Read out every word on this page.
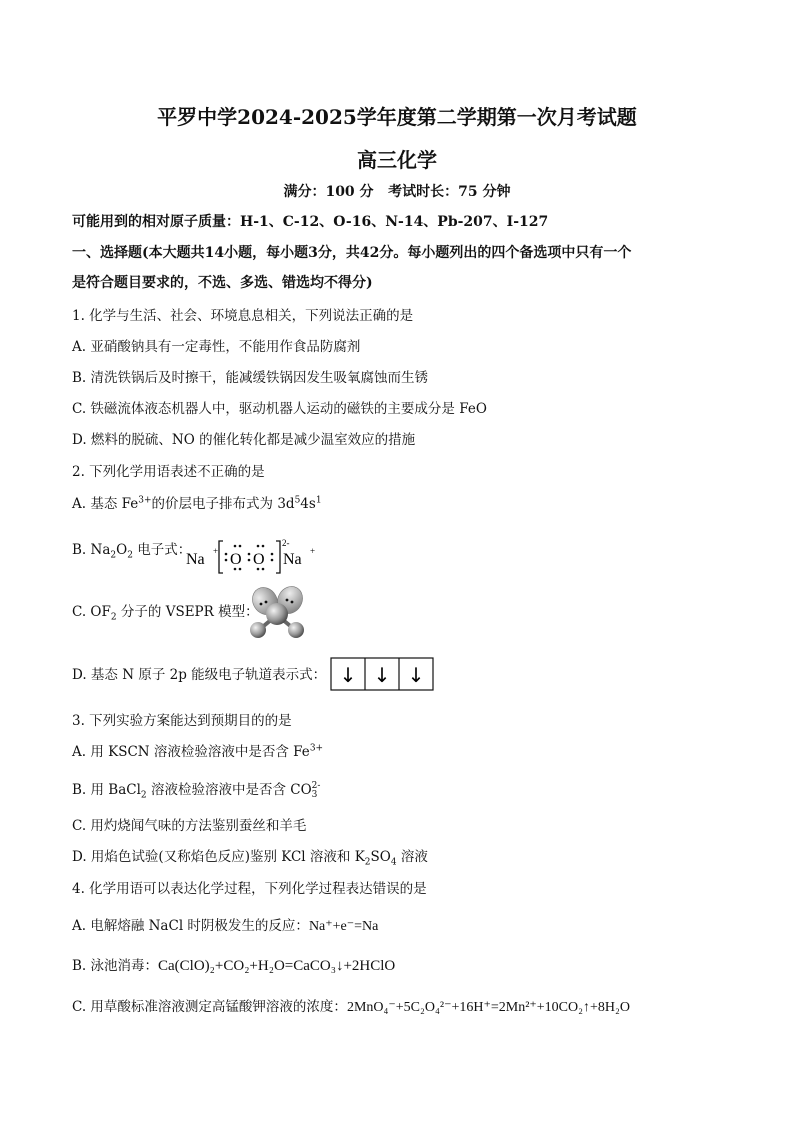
平罗中学2024-2025学年度第二学期第一次月考试题
高三化学
满分：100 分   考试时长：75 分钟
可能用到的相对原子质量：H-1、C-12、O-16、N-14、Pb-207、I-127
一、选择题(本大题共14小题，每小题3分，共42分。每小题列出的四个备选项中只有一个
是符合题目要求的，不选、多选、错选均不得分)
1. 化学与生活、社会、环境息息相关，下列说法正确的是
A. 亚硝酸钠具有一定毒性，不能用作食品防腐剂
B. 清洗铁锅后及时擦干，能减缓铁锅因发生吸氧腐蚀而生锈
C. 铁磁流体液态机器人中，驱动机器人运动的磁铁的主要成分是 FeO
D. 燃料的脱硫、NO 的催化转化都是减少温室效应的措施
2. 下列化学用语表述不正确的是
A. 基态 $Fe^{3+}$的价层电子排布式为 $3d^54s^1$
B. $Na_2O_2$ 电子式：
Na + O O
2-
Na +
C. $OF_2$ 分子的 VSEPR 模型：
D. 基态 N 原子 2p 能级电子轨道表示式： ↓ ↓ ↓
3. 下列实验方案能达到预期目的的是
A. 用 KSCN 溶液检验溶液中是否含 $Fe^{3+}$
B. 用 BaCl$_2$ 溶液检验溶液中是否含 CO 2-
3
C. 用灼烧闻气味的方法鉴别蚕丝和羊毛
D. 用焰色试验(又称焰色反应)鉴别 KCl 溶液和 $K_2SO_4$ 溶液
4. 化学用语可以表达化学过程，下列化学过程表达错误的是
A. 电解熔融 NaCl 时阴极发生的反应：Na⁺+e⁻=Na
B. 泳池消毒：Ca(ClO)₂+CO₂+H₂O=CaCO₃↓+2HClO
C. 用草酸标准溶液测定高锰酸钾溶液的浓度：2MnO₄⁻+5C₂O₄²⁻+16H⁺=2Mn²⁺+10CO₂↑+8H₂O
